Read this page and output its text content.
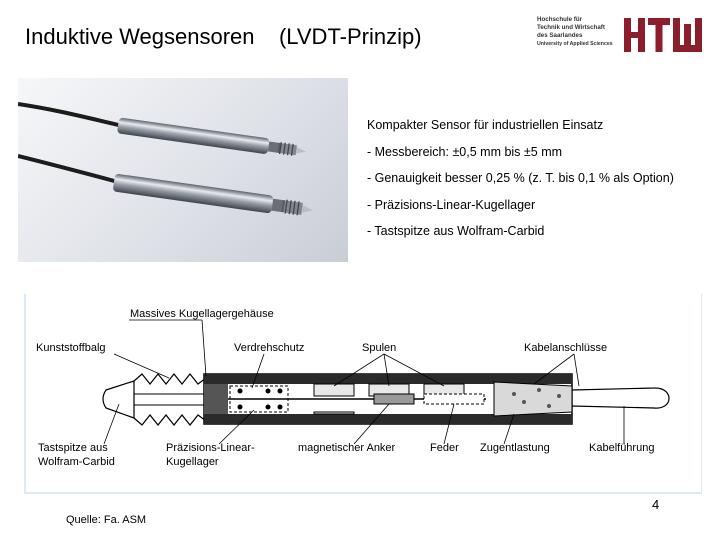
Induktive Wegsensoren    (LVDT-Prinzip)
Hochschule für
Technik und Wirtschaft
des Saarlandes
University of Applied Sciences
Kompakter Sensor für industriellen Einsatz
- Messbereich: ±0,5 mm bis ±5 mm
- Genauigkeit besser 0,25 % (z. T. bis 0,1 % als Option)
- Präzisions-Linear-Kugellager
- Tastspitze aus Wolfram-Carbid
Massives Kugellagergehäuse
Kunststoffbalg	Verdrehschutz	Spulen	Kabelanschlüsse
Tastspitze aus
Wolfram-Carbid
Präzisions-Linear-
Kugellager
magnetischer Anker	Feder Zugentlastung	Kabelführung
4
Quelle: Fa. ASM
